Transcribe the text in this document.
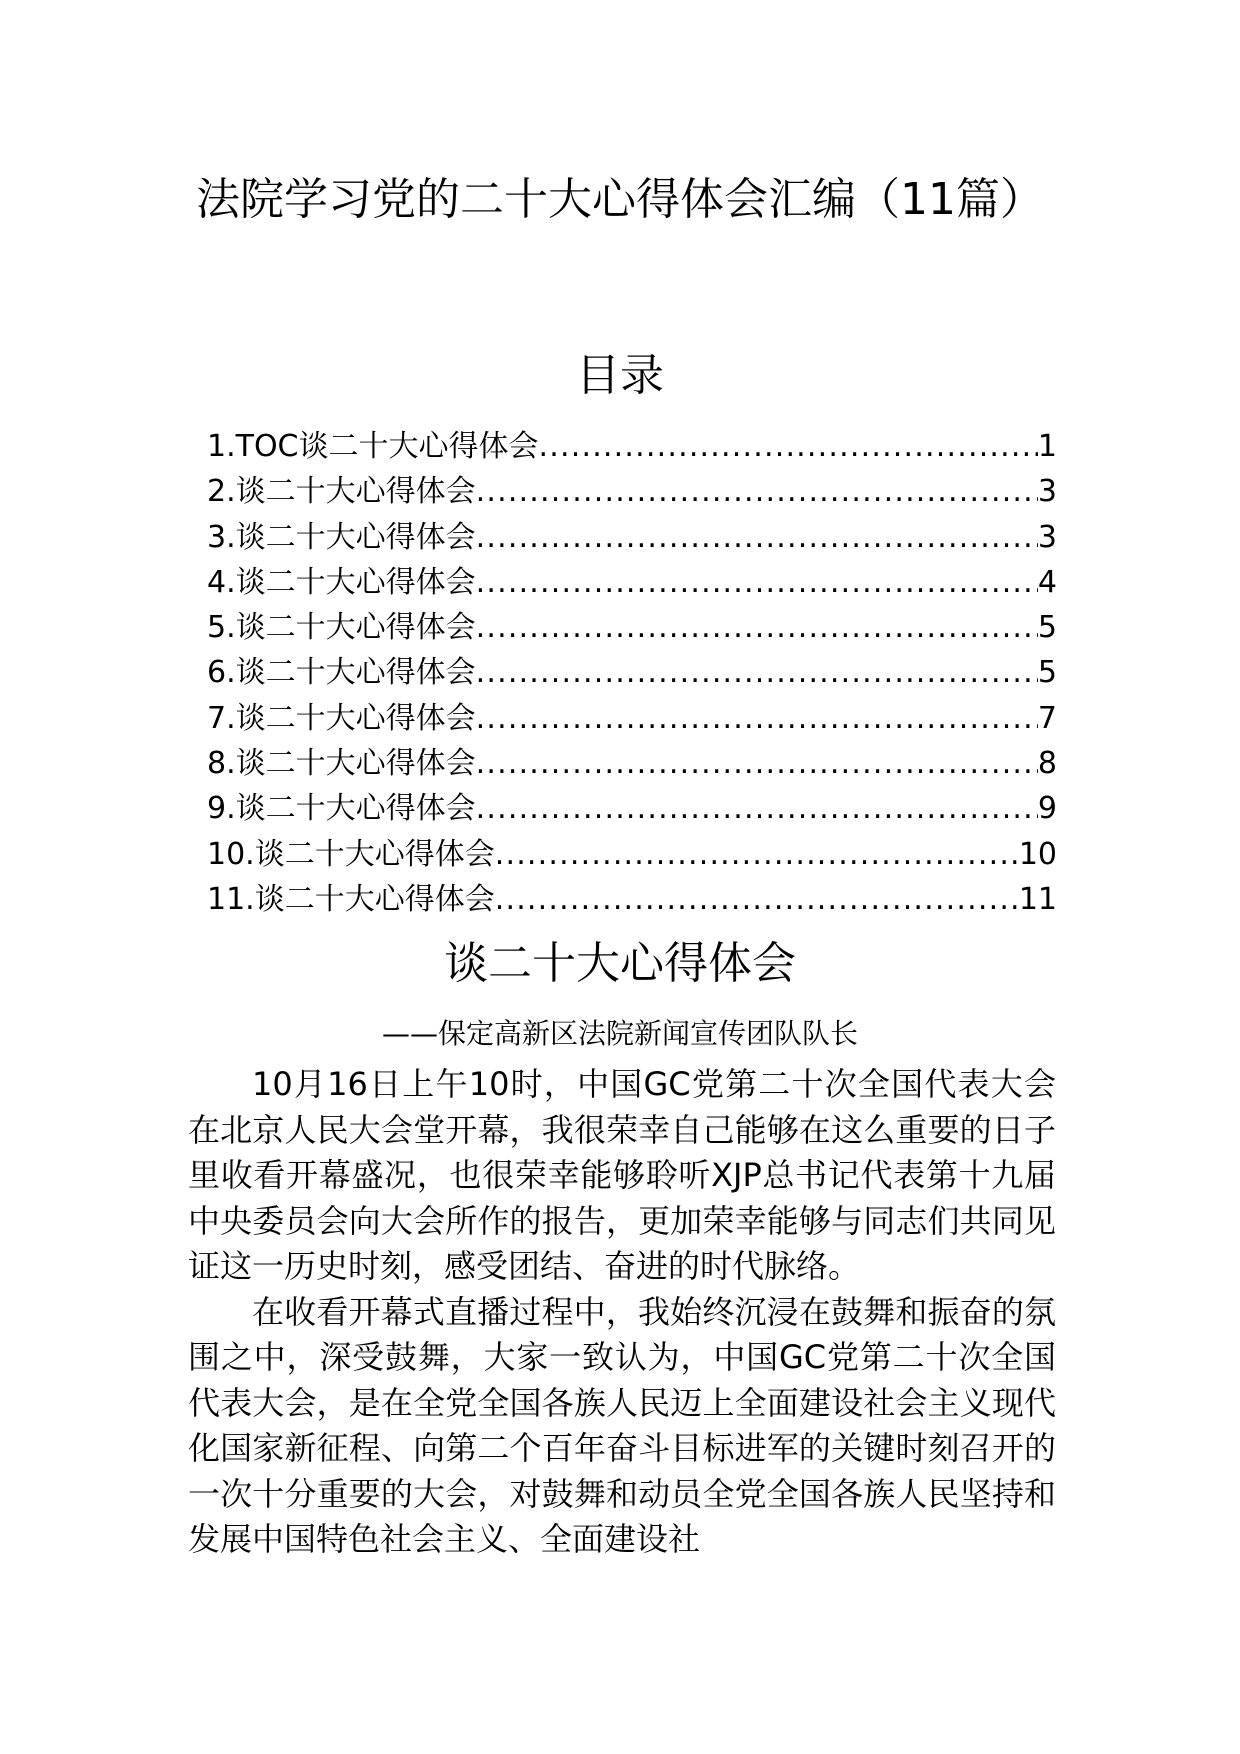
法院学习党的二十大心得体会汇编（11篇）
目录
1.TOC谈二十大心得体会 .....	1
2.谈二十大心得体会 .....	3
3.谈二十大心得体会 .....	3
4.谈二十大心得体会 .....	4
5.谈二十大心得体会 .....	5
6.谈二十大心得体会 .....	5
7.谈二十大心得体会 .....	7
8.谈二十大心得体会 .....	8
9.谈二十大心得体会 .....	9
10.谈二十大心得体会 .....	10
11.谈二十大心得体会 .....	11
谈二十大心得体会
——保定高新区法院新闻宣传团队队长

10月16日上午10时，中国GC党第二十次全国代表大会在北京人民大会堂开幕，我很荣幸自己能够在这么重要的日子里收看开幕盛况，也很荣幸能够聆听XJP总书记代表第十九届中央委员会向大会所作的报告，更加荣幸能够与同志们共同见证这一历史时刻，感受团结、奋进的时代脉络。

在收看开幕式直播过程中，我始终沉浸在鼓舞和振奋的氛围之中，深受鼓舞，大家一致认为，中国GC党第二十次全国代表大会，是在全党全国各族人民迈上全面建设社会主义现代化国家新征程、向第二个百年奋斗目标进军的关键时刻召开的一次十分重要的大会，对鼓舞和动员全党全国各族人民坚持和发展中国特色社会主义、全面建设社
